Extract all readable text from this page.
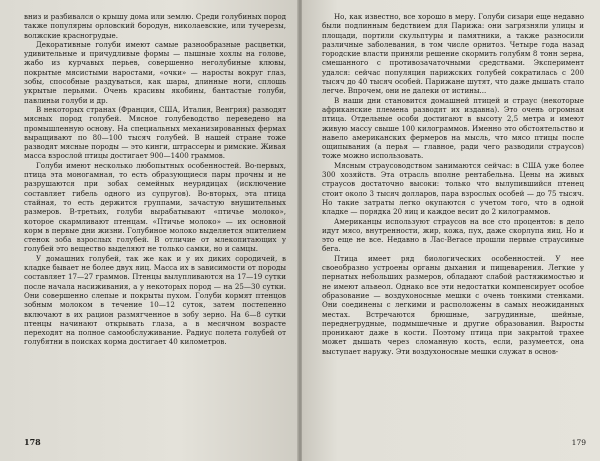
вниз и разбивался о крышу дома или землю. Среди голубиных пород также популярны орловский бородун, николаевские, или тучерезы, волжские красногрудые.

Декоративные голуби имеют самые разнообразные расцветки, удивительные и причудливые формы — пышные хохлы на голове, жабо из курчавых перьев, совершенно неголубиные клювы, покрытые мясистыми наростами, «очки» — наросты вокруг глаз, зобы, способные раздуваться, как шары, длинные ноги, сплошь укрытые перьями. Очень красивы якобины, бантастые голуби, павлиньи голуби и др.

В некоторых странах (Франция, США, Италия, Венгрия) разводят мясных пород голубей. Мясное голубеводство переведено на промышленную основу. На специальных механизированных фермах выращивают по 80—100 тысяч голубей. В нашей стране тоже разводят мясные породы — это кинги, штрассеры и римские. Живая масса взрослой птицы достигает 900—1400 граммов.

Голуби имеют несколько любопытных особенностей. Во-первых, птица эта моногамная, то есть образующиеся пары прочны и не разрушаются при зобах семейных неурядицах (исключение составляет гибель одного из супругов). Во-вторых, эта птица стайная, то есть держится группами, зачастую внушительных размеров. В-третьих, голуби вырабатывают «птичье молоко», которое скармливают птенцам. «Птичье молоко» — их основной корм в первые дни жизни. Голубиное молоко выделяется эпителием стенок зоба взрослых голубей. В отличие от млекопитающих у голубей это вещество выделяют не только самки, но и самцы.

У домашних голубей, так же как и у их диких сородичей, в кладке бывает не более двух яиц. Масса их в зависимости от породы составляет 17—27 граммов. Птенцы вылупливаются на 17—19 сутки после начала насиживания, а у некоторых пород — на 25—30 сутки. Они совершенно слепые и покрыты пухом. Голуби кормят птенцов зобным молоком в течение 10—12 суток, затем постепенно включают в их рацион размягченное в зобу зерно. На 6—8 сутки птенцы начинают открывать глаза, а в месячном возрасте переходят на полное самообслуживание. Радиус полета голубей от голубятни в поисках корма достигает 40 километров.

178

Но, как известно, все хорошо в меру. Голуби сизари еще недавно были подлинным бедствием для Парижа: они загрязняли улицы и площади, портили скульптуры и памятники, а также разносили различные заболевания, в том числе орнитоз. Четыре года назад городские власти приняли решение скормить голубям 8 тонн зерна, смешанного с противозачаточными средствами. Эксперимент удался: сейчас популяция парижских голубей сократилась с 200 тысяч до 40 тысяч особей. Парижане шутят, что даже дышать стало легче. Впрочем, они не далеки от истины...

В наши дни становится домашней птицей и страус (некоторые африканские племена разводят их издавна). Это очень огромная птица. Отдельные особи достигают в высоту 2,5 метра и имеют живую массу свыше 100 килограммов. Именно это обстоятельство и навело американских фермеров на мысль, что мясо птицы после ощипывания (а перья — главное, ради чего разводили страусов) тоже можно использовать.

Мясным страусоводством занимаются сейчас: в США уже более 300 хозяйств. Эта отрасль вполне рентабельна. Цены на живых страусов достаточно высоки: только что вылупившийся птенец стоит около 3 тысяч долларов, пара взрослых особей — до 75 тысяч. Но такие затраты легко окупаются с учетом того, что в одной кладке — порядка 20 яиц и каждое весит до 2 килограммов.

Американцы используют страусов на все сто процентов: в дело идут мясо, внутренности, жир, кожа, пух, даже скорлупа яиц. Но и это еще не все. Недавно в Лас-Вегасе прошли первые страусиные бега.

Птица имеет ряд биологических особенностей. У нее своеобразно устроены органы дыхания и пищеварения. Легкие у пернатых небольших размеров, обладают слабой растяжимостью и не имеют альвеол. Однако все эти недостатки компенсирует особое образование — воздухоносные мешки с очень тонкими стенками. Они соединены с легкими и расположены в самых неожиданных местах. Встречаются брюшные, загрудинные, шейные, переднегрудные, подмышечные и другие образования. Выросты проникают даже в кости. Поэтому птица при закрытой трахее может дышать через сломанную кость, если, разумеется, она выступает наружу. Эти воздухоносные мешки служат в основ-

179
